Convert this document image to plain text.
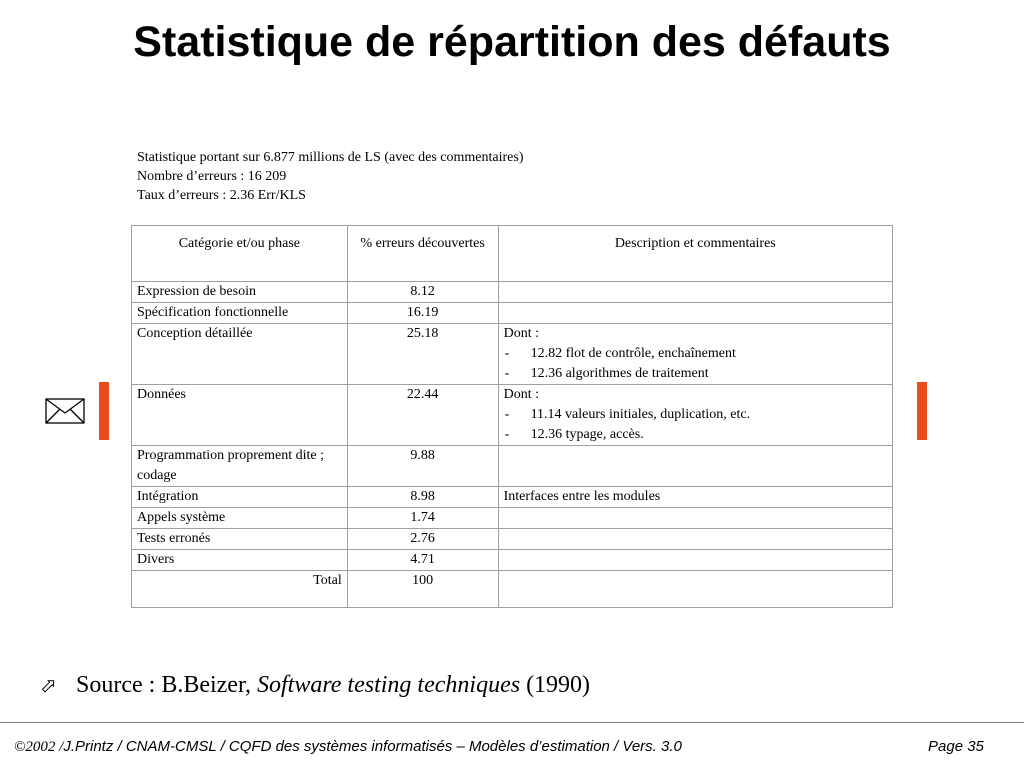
Statistique de répartition des défauts
Statistique portant sur 6.877 millions de LS (avec des commentaires)
Nombre d’erreurs : 16 209
Taux d’erreurs : 2.36 Err/KLS
Catégorie et/ou phase	% erreurs découvertes	Description et commentaires
Expression de besoin	8.12	
Spécification fonctionnelle	16.19	
Conception détaillée	25.18	Dont :
- 12.82 flot de contrôle, enchaînement
- 12.36 algorithmes de traitement

Données	22.44	Dont :
- 11.14 valeurs initiales, duplication, etc.
- 12.36 typage, accès.

Programmation proprement dite ; codage	9.88	
Intégration	8.98	Interfaces entre les modules
Appels système	1.74	
Tests erronés	2.76	
Divers	4.71	
Total	100	
⬀ Source : B.Beizer, Software testing techniques (1990)
©2002 /J.Printz / CNAM-CMSL / CQFD des systèmes informatisés – Modèles d’estimation / Vers. 3.0	Page 35
